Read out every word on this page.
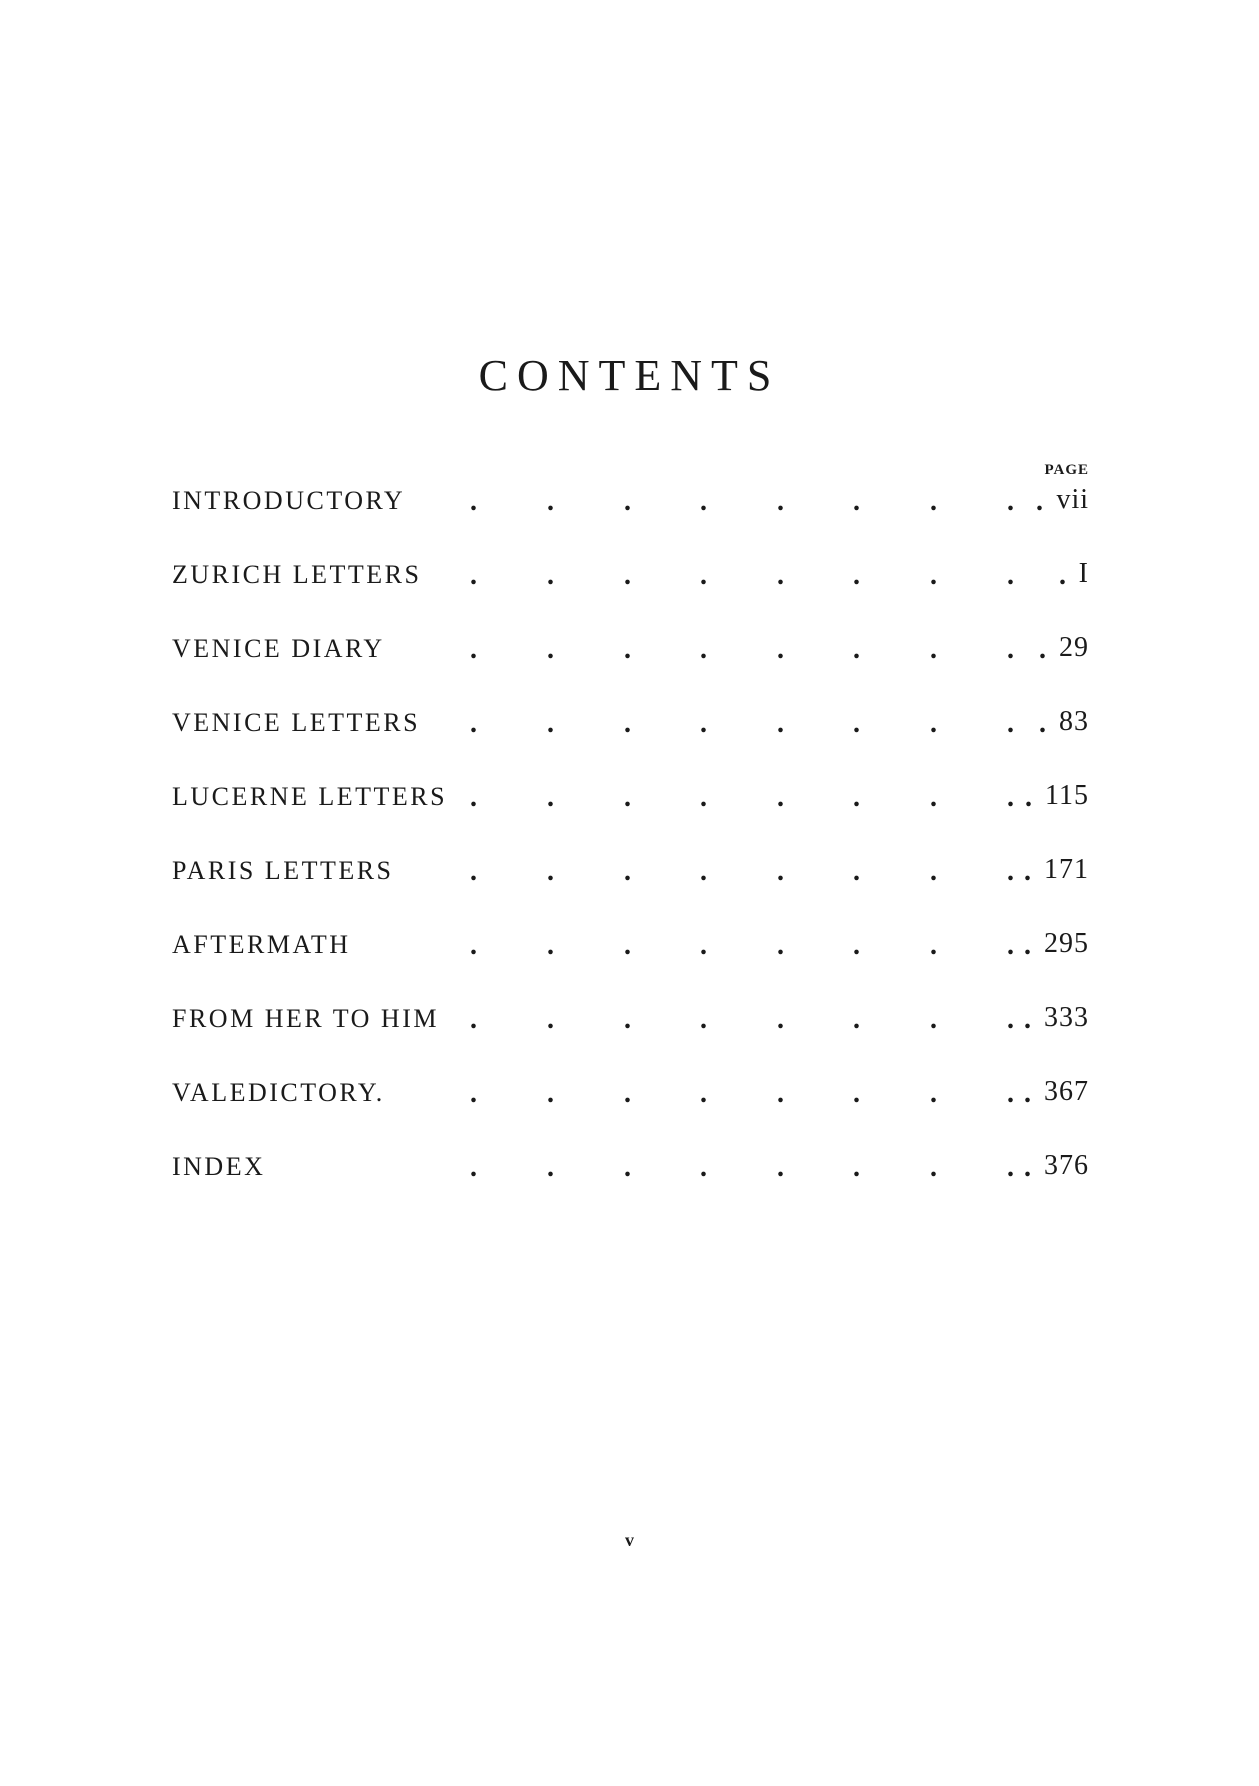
CONTENTS
PAGE
INTRODUCTORY	vii
.	.	. .	. .	.	. .
ZURICH LETTERS	I
.	.	. .	. .	.	. .
VENICE DIARY	29
.	.	. .	. .	.	. .
VENICE LETTERS	83
.	.	. .	. .	.	. .
LUCERNE LETTERS	115
.	.	. .	. .	.	. .
PARIS LETTERS	171
.	.	. .	. .	.	. .
AFTERMATH	295
.	.	. .	. .	.	. .
FROM HER TO HIM	333
.	.	. .	. .	.	. .
VALEDICTORY.	367
.	.	. .	. .	.	. .
INDEX	376
.	.	. .	. .	.	. .
v
